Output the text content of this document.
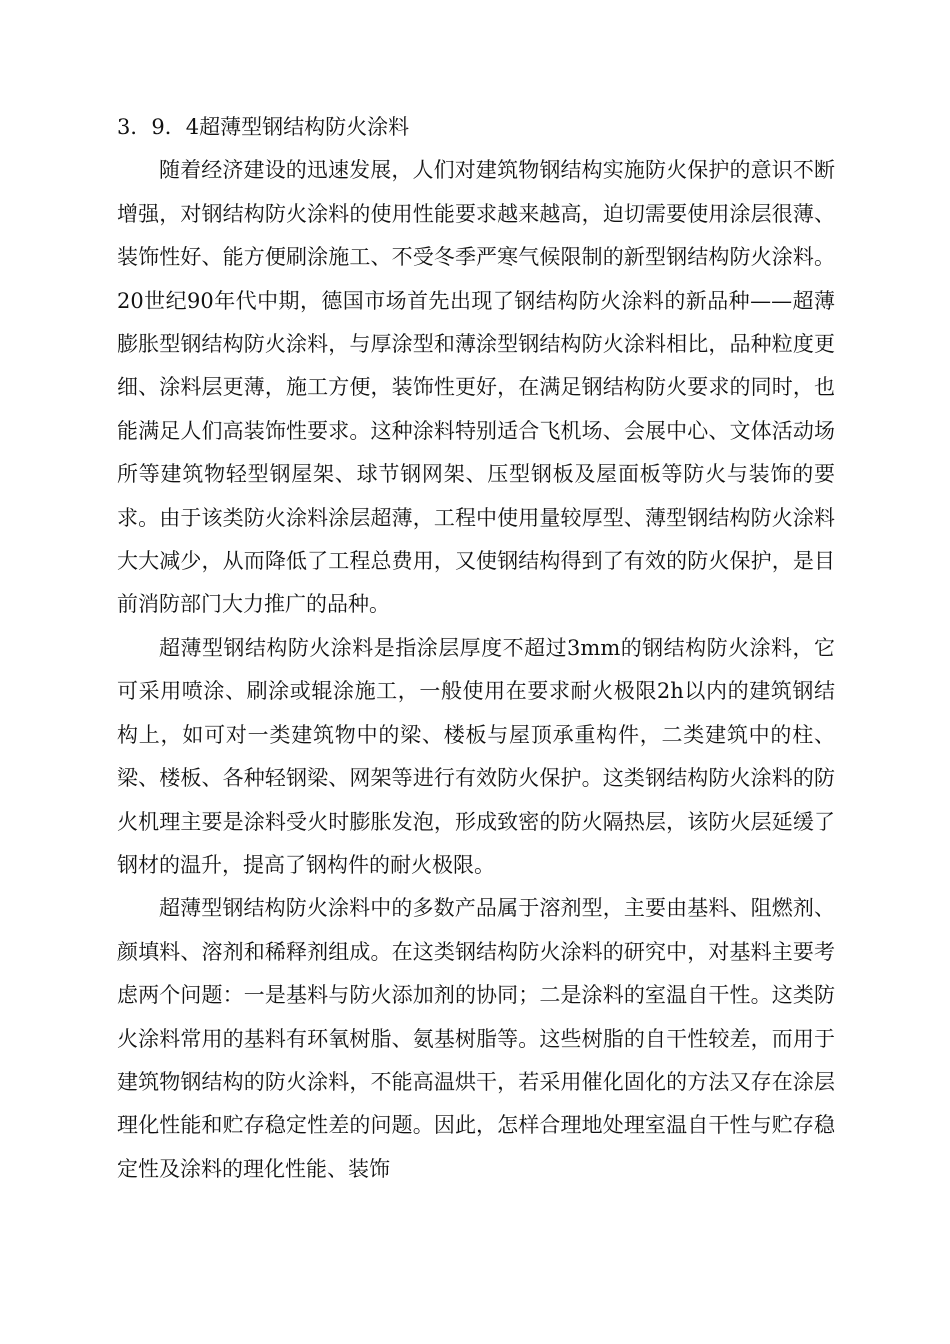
3．9．4超薄型钢结构防火涂料

随着经济建设的迅速发展，人们对建筑物钢结构实施防火保护的意识不断增强，对钢结构防火涂料的使用性能要求越来越高，迫切需要使用涂层很薄、装饰性好、能方便刷涂施工、不受冬季严寒气候限制的新型钢结构防火涂料。20世纪90年代中期，德国市场首先出现了钢结构防火涂料的新品种——超薄膨胀型钢结构防火涂料，与厚涂型和薄涂型钢结构防火涂料相比，品种粒度更细、涂料层更薄，施工方便，装饰性更好，在满足钢结构防火要求的同时，也能满足人们高装饰性要求。这种涂料特别适合飞机场、会展中心、文体活动场所等建筑物轻型钢屋架、球节钢网架、压型钢板及屋面板等防火与装饰的要求。由于该类防火涂料涂层超薄，工程中使用量较厚型、薄型钢结构防火涂料大大减少，从而降低了工程总费用，又使钢结构得到了有效的防火保护，是目前消防部门大力推广的品种。

超薄型钢结构防火涂料是指涂层厚度不超过3mm的钢结构防火涂料，它可采用喷涂、刷涂或辊涂施工，一般使用在要求耐火极限2h以内的建筑钢结构上，如可对一类建筑物中的梁、楼板与屋顶承重构件，二类建筑中的柱、梁、楼板、各种轻钢梁、网架等进行有效防火保护。这类钢结构防火涂料的防火机理主要是涂料受火时膨胀发泡，形成致密的防火隔热层，该防火层延缓了钢材的温升，提高了钢构件的耐火极限。

超薄型钢结构防火涂料中的多数产品属于溶剂型，主要由基料、阻燃剂、颜填料、溶剂和稀释剂组成。在这类钢结构防火涂料的研究中，对基料主要考虑两个问题：一是基料与防火添加剂的协同；二是涂料的室温自干性。这类防火涂料常用的基料有环氧树脂、氨基树脂等。这些树脂的自干性较差，而用于建筑物钢结构的防火涂料，不能高温烘干，若采用催化固化的方法又存在涂层理化性能和贮存稳定性差的问题。因此，怎样合理地处理室温自干性与贮存稳定性及涂料的理化性能、装饰
